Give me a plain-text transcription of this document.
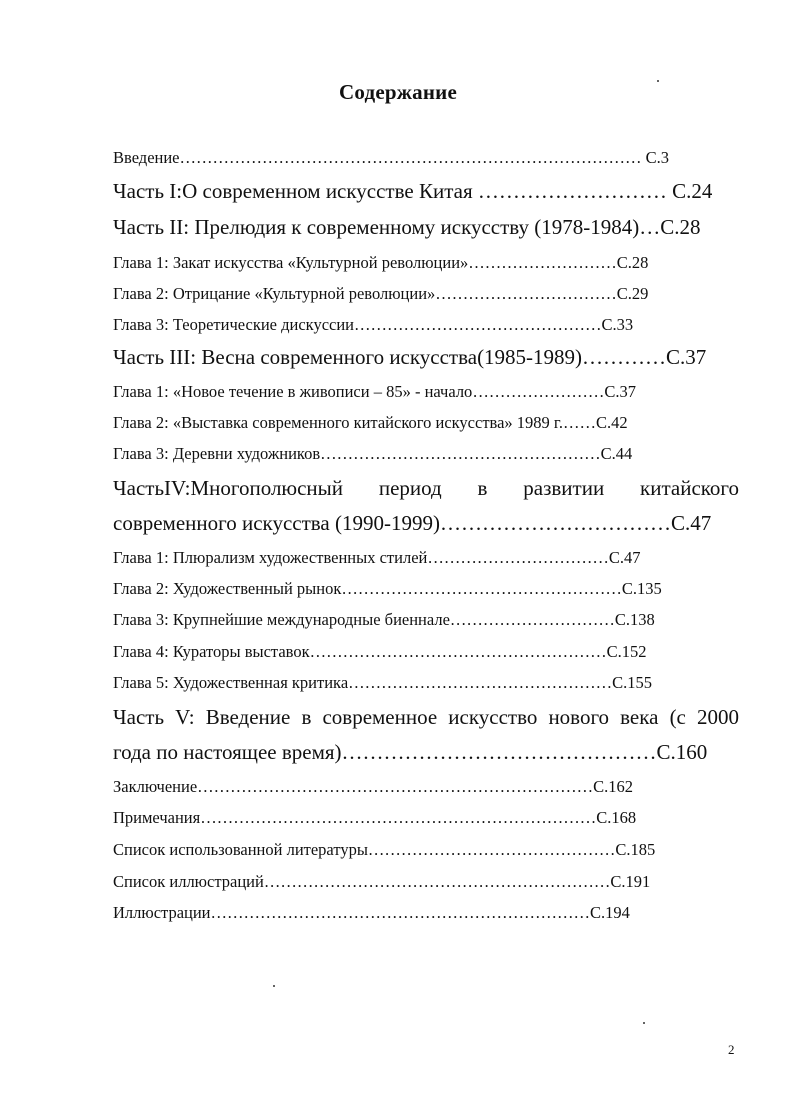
Содержание
Введение………………………………………………………………………… С.3
Часть I:О современном искусстве Китая ……………………… С.24
Часть II: Прелюдия к современному искусству (1978-1984)…С.28
Глава 1: Закат искусства «Культурной революции»………………………С.28
Глава 2: Отрицание «Культурной революции»……………………………С.29
Глава 3: Теоретические дискуссии………………………………………С.33
Часть III: Весна современного искусства(1985-1989)…………С.37
Глава 1: «Новое течение в живописи – 85» - начало……………………С.37
Глава 2: «Выставка современного китайского искусства» 1989 г.……С.42
Глава 3: Деревни художников……………………………………………С.44
ЧастьIV:Многополюсный период в развитии китайского
современного искусства (1990-1999)……………………………С.47
Глава 1: Плюрализм художественных стилей……………………………С.47
Глава 2: Художественный рынок……………………………………………С.135
Глава 3: Крупнейшие международные биеннале…………………………С.138
Глава 4: Кураторы выставок………………………………………………С.152
Глава 5: Художественная критика…………………………………………С.155
Часть V: Введение в современное искусство нового века (с 2000
года по настоящее время)………………………………………С.160
Заключение………………………………………………………………С.162
Примечания………………………………………………………………С.168
Список использованной литературы………………………………………С.185
Список иллюстраций………………………………………………………С.191
Иллюстрации……………………………………………………………С.194
2
